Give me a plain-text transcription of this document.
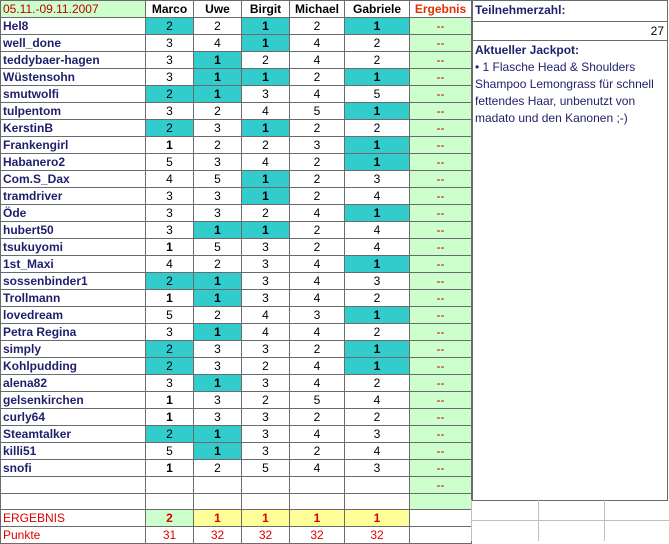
05.11.-09.11.2007	Marco	Uwe	Birgit	Michael	Gabriele	Ergebnis
Hel8	2	2	1	2	1	--
well_done	3	4	1	4	2	--
teddybaer-hagen	3	1	2	4	2	--
Wüstensohn	3	1	1	2	1	--
smutwolfi	2	1	3	4	5	--
tulpentom	3	2	4	5	1	--
KerstinB	2	3	1	2	2	--
Frankengirl	1	2	2	3	1	--
Habanero2	5	3	4	2	1	--
Com.S_Dax	4	5	1	2	3	--
tramdriver	3	3	1	2	4	--
Öde	3	3	2	4	1	--
hubert50	3	1	1	2	4	--
tsukuyomi	1	5	3	2	4	--
1st_Maxi	4	2	3	4	1	--
sossenbinder1	2	1	3	4	3	--
Trollmann	1	1	3	4	2	--
lovedream	5	2	4	3	1	--
Petra Regina	3	1	4	4	2	--
simply	2	3	3	2	1	--
Kohlpudding	2	3	2	4	1	--
alena82	3	1	3	4	2	--
gelsenkirchen	1	3	2	5	4	--
curly64	1	3	3	2	2	--
Steamtalker	2	1	3	4	3	--
killi51	5	1	3	2	4	--
snofi	1	2	5	4	3	--
						--

ERGEBNIS	2	1	1	1	1	
Punkte	31	32	32	32	32	
Teilnehmerzahl:
27
Aktueller Jackpot:
• 1 Flasche Head & Shoulders Shampoo Lemongrass für schnell fettendes Haar, unbenutzt von madato und den Kanonen ;-)
